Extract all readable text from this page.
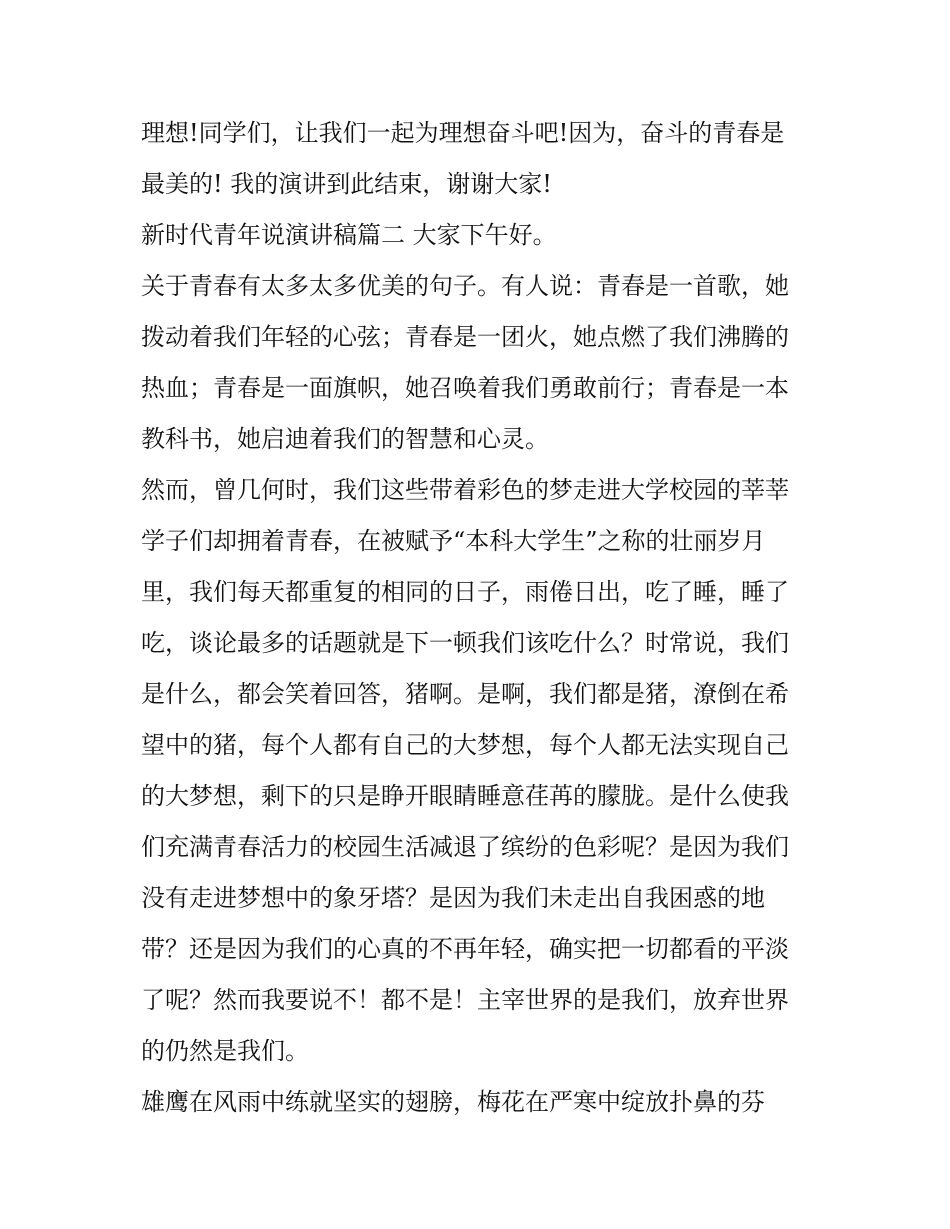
理想!同学们，让我们一起为理想奋斗吧!因为，奋斗的青春是
最美的! 我的演讲到此结束，谢谢大家!
新时代青年说演讲稿篇二 大家下午好。
关于青春有太多太多优美的句子。有人说：青春是一首歌，她
拨动着我们年轻的心弦；青春是一团火，她点燃了我们沸腾的
热血；青春是一面旗帜，她召唤着我们勇敢前行；青春是一本
教科书，她启迪着我们的智慧和心灵。
然而，曾几何时，我们这些带着彩色的梦走进大学校园的莘莘
学子们却拥着青春，在被赋予“本科大学生”之称的壮丽岁月
里，我们每天都重复的相同的日子，雨倦日出，吃了睡，睡了
吃，谈论最多的话题就是下一顿我们该吃什么？时常说，我们
是什么，都会笑着回答，猪啊。是啊，我们都是猪，潦倒在希
望中的猪，每个人都有自己的大梦想，每个人都无法实现自己
的大梦想，剩下的只是睁开眼睛睡意荏苒的朦胧。是什么使我
们充满青春活力的校园生活减退了缤纷的色彩呢？是因为我们
没有走进梦想中的象牙塔？是因为我们未走出自我困惑的地
带？还是因为我们的心真的不再年轻，确实把一切都看的平淡
了呢？然而我要说不！都不是！主宰世界的是我们，放弃世界
的仍然是我们。
雄鹰在风雨中练就坚实的翅膀，梅花在严寒中绽放扑鼻的芬
